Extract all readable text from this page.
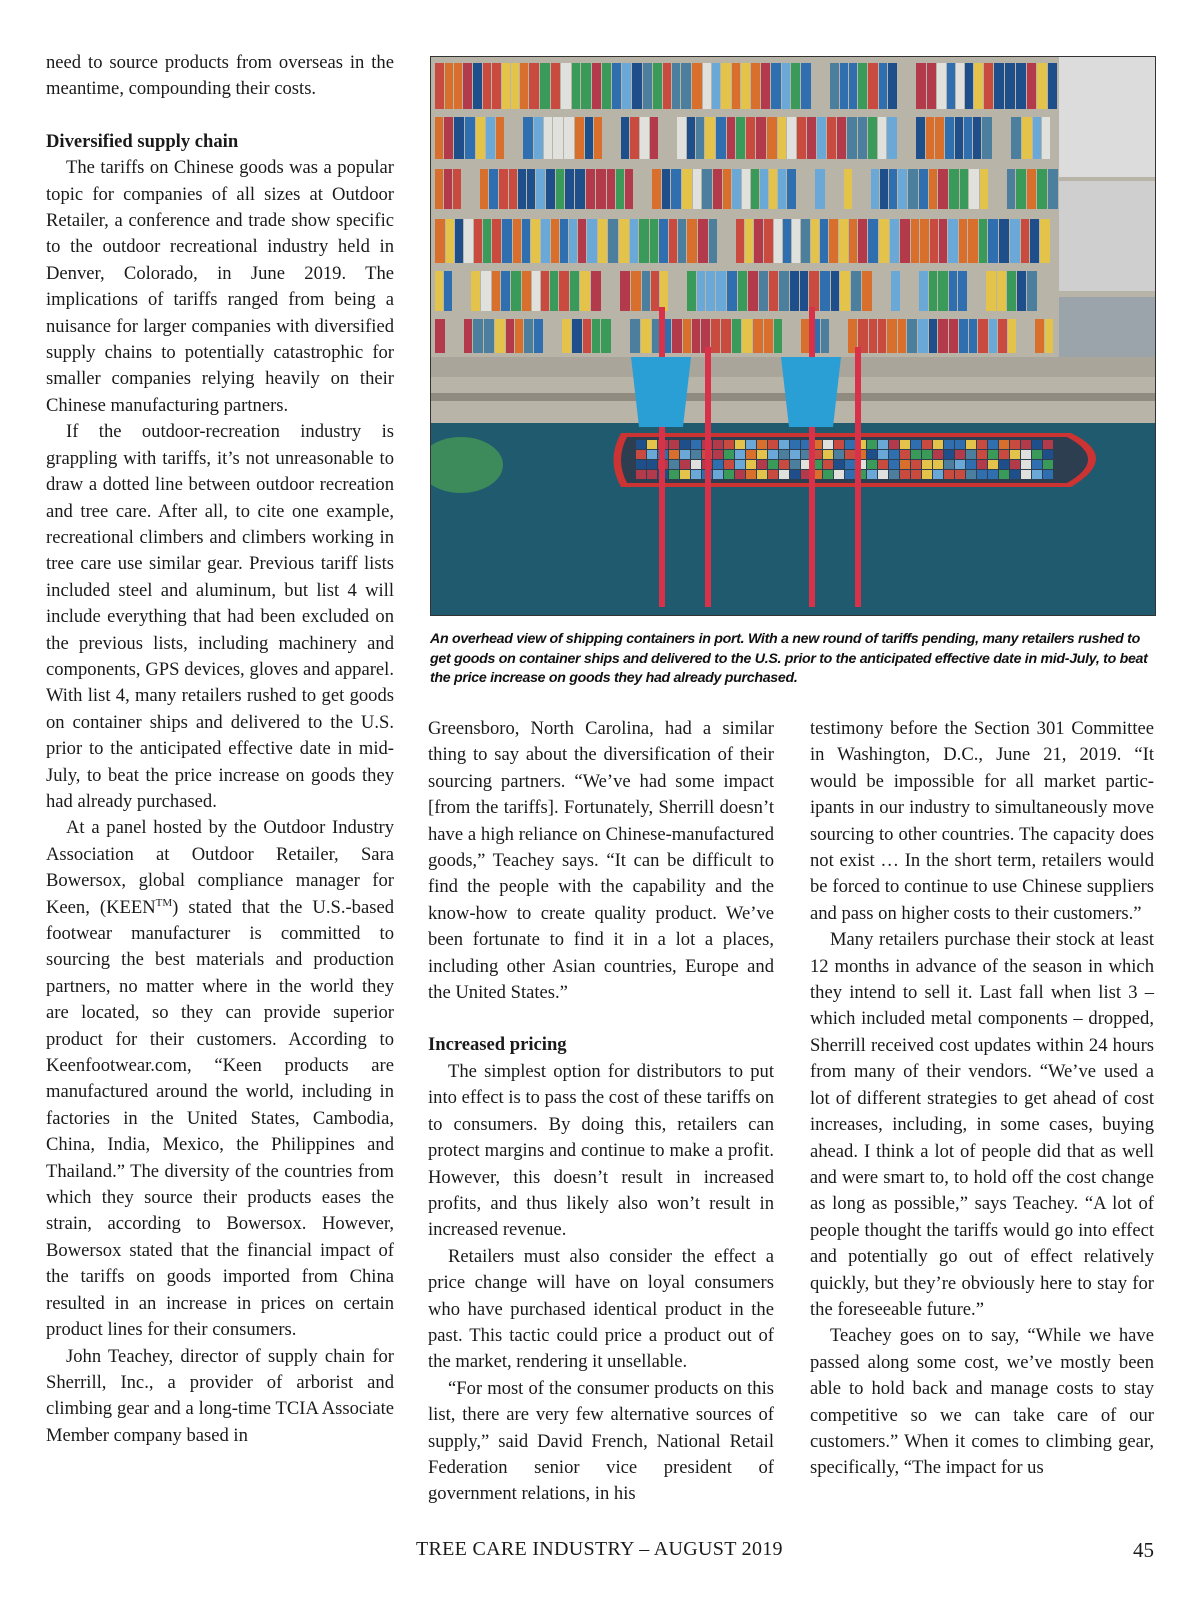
need to source products from overseas in the meantime, compounding their costs.

Diversified supply chain

The tariffs on Chinese goods was a popular topic for companies of all sizes at Outdoor Retailer, a conference and trade show specific to the outdoor recreational industry held in Denver, Colorado, in June 2019. The implications of tariffs ranged from being a nuisance for larger companies with diversified supply chains to potentially catastrophic for smaller companies relying heavily on their Chinese manufacturing partners.

If the outdoor-recreation industry is grappling with tariffs, it’s not unreasonable to draw a dotted line between outdoor recreation and tree care. After all, to cite one example, recreational climbers and climbers working in tree care use similar gear. Previous tariff lists included steel and aluminum, but list 4 will include everything that had been excluded on the previous lists, including machinery and components, GPS devices, gloves and apparel. With list 4, many retailers rushed to get goods on container ships and delivered to the U.S. prior to the anticipated effective date in mid-July, to beat the price increase on goods they had already purchased.

At a panel hosted by the Outdoor Industry Association at Outdoor Retailer, Sara Bowersox, global compliance manager for Keen, (KEEN™) stated that the U.S.-based footwear manufacturer is committed to sourcing the best materials and production partners, no matter where in the world they are located, so they can provide superior product for their customers. According to Keenfootwear.com, “Keen products are manufactured around the world, including in factories in the United States, Cambodia, China, India, Mexico, the Philippines and Thailand.” The diversity of the countries from which they source their products eases the strain, according to Bowersox. However, Bowersox stated that the financial impact of the tariffs on goods imported from China resulted in an increase in prices on certain product lines for their consumers.

John Teachey, director of supply chain for Sherrill, Inc., a provider of arborist and climbing gear and a long-time TCIA Associate Member company based in

An overhead view of shipping containers in port. With a new round of tariffs pending, many retailers rushed to get goods on container ships and delivered to the U.S. prior to the anticipated effective date in mid-July, to beat the price increase on goods they had already purchased.

Greensboro, North Carolina, had a similar thing to say about the diversification of their sourcing partners. “We’ve had some impact [from the tariffs]. Fortunately, Sherrill doesn’t have a high reliance on Chinese-manufactured goods,” Teachey says. “It can be difficult to find the people with the capability and the know-how to create quality product. We’ve been fortunate to find it in a lot a places, including other Asian countries, Europe and the United States.”

Increased pricing

The simplest option for distributors to put into effect is to pass the cost of these tariffs on to consumers. By doing this, retailers can protect margins and continue to make a profit. However, this doesn’t result in increased profits, and thus likely also won’t result in increased revenue.

Retailers must also consider the effect a price change will have on loyal consumers who have purchased identical product in the past. This tactic could price a product out of the market, rendering it unsellable.

“For most of the consumer products on this list, there are very few alternative sources of supply,” said David French, National Retail Federation senior vice president of government relations, in his

testimony before the Section 301 Committee in Washington, D.C., June 21, 2019. “It would be impossible for all market participants in our industry to simultaneously move sourcing to other countries. The capacity does not exist … In the short term, retailers would be forced to continue to use Chinese suppliers and pass on higher costs to their customers.”

Many retailers purchase their stock at least 12 months in advance of the season in which they intend to sell it. Last fall when list 3 – which included metal components – dropped, Sherrill received cost updates within 24 hours from many of their vendors. “We’ve used a lot of different strategies to get ahead of cost increases, including, in some cases, buying ahead. I think a lot of people did that as well and were smart to, to hold off the cost change as long as possible,” says Teachey. “A lot of people thought the tariffs would go into effect and potentially go out of effect relatively quickly, but they’re obviously here to stay for the foreseeable future.”

Teachey goes on to say, “While we have passed along some cost, we’ve mostly been able to hold back and manage costs to stay competitive so we can take care of our customers.” When it comes to climbing gear, specifically, “The impact for us

TREE CARE INDUSTRY – AUGUST 2019	45
